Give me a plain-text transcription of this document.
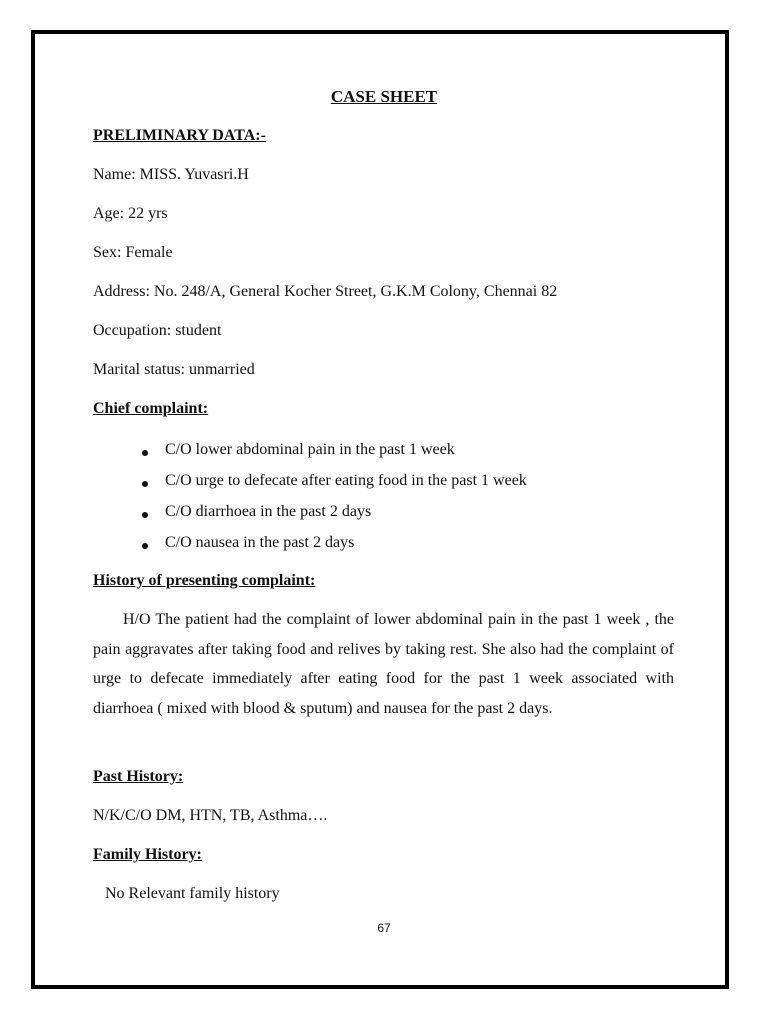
CASE SHEET
PRELIMINARY DATA:-
Name: MISS. Yuvasri.H
Age: 22 yrs
Sex: Female
Address: No. 248/A, General Kocher Street, G.K.M Colony, Chennai 82
Occupation: student
Marital status: unmarried
Chief complaint:
C/O lower abdominal pain in the past 1 week
C/O urge to defecate after eating food in the past 1 week
C/O diarrhoea in the past 2 days
C/O nausea in the past 2 days
History of presenting complaint:

H/O The patient had the complaint of lower abdominal pain in the past 1 week , the pain aggravates after taking food and relives by taking rest. She also had the complaint of urge to defecate immediately after eating food for the past 1 week associated with diarrhoea ( mixed with blood & sputum) and nausea for the past 2 days.

Past History:
N/K/C/O DM, HTN, TB, Asthma….
Family History:
No Relevant family history
67
